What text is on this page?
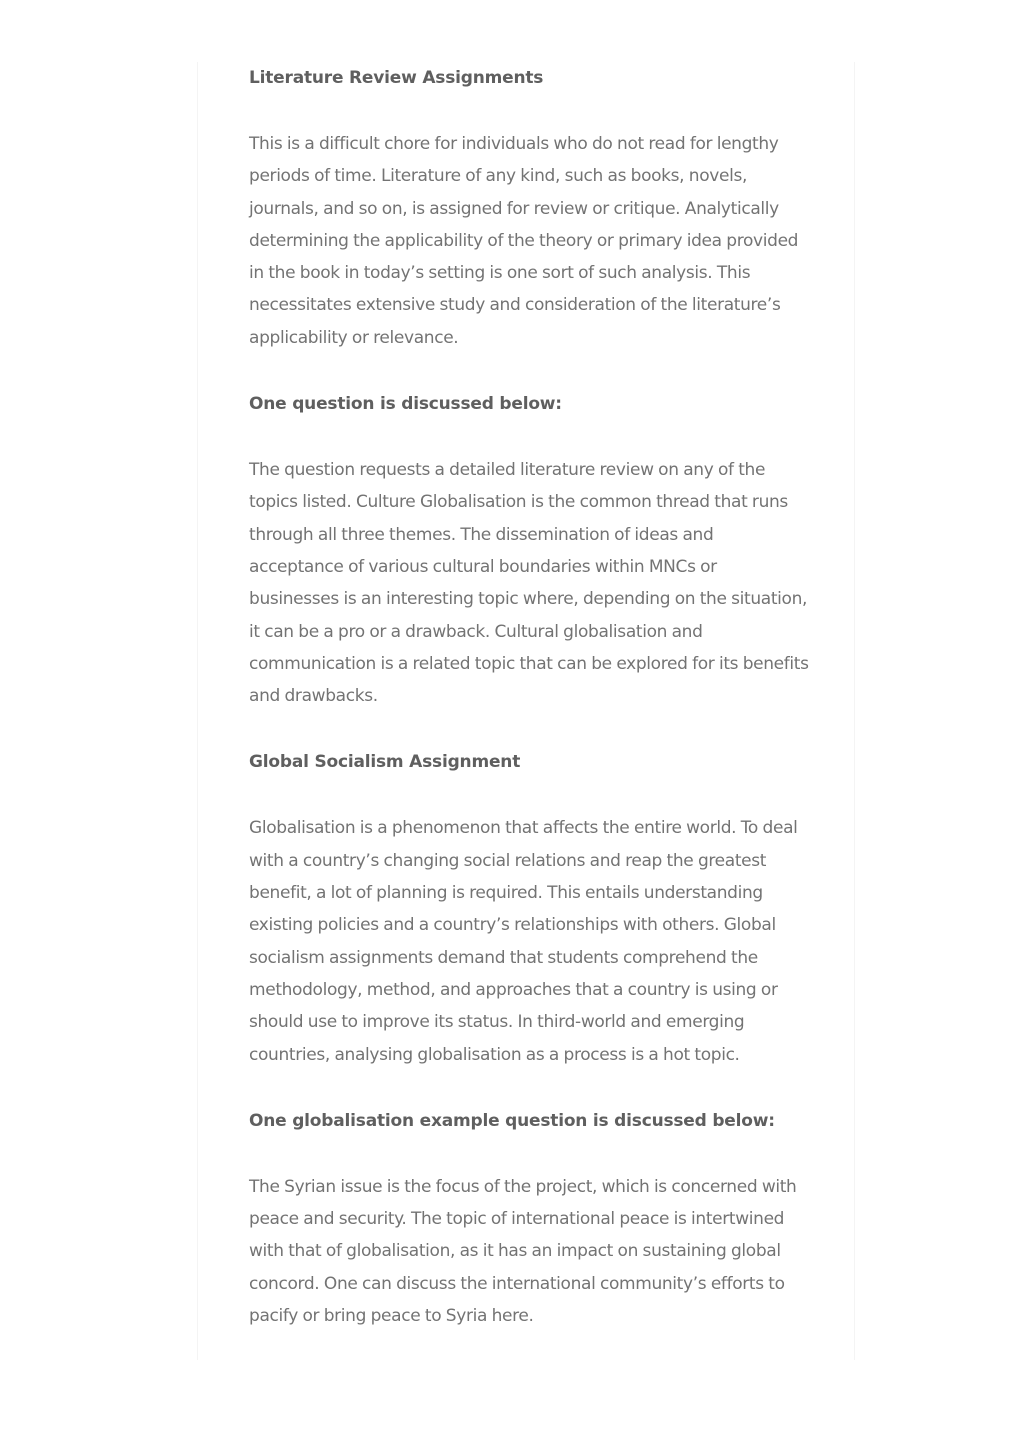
Literature Review Assignments

This is a difficult chore for individuals who do not read for lengthy periods of time. Literature of any kind, such as books, novels, journals, and so on, is assigned for review or critique. Analytically determining the applicability of the theory or primary idea provided in the book in today’s setting is one sort of such analysis. This necessitates extensive study and consideration of the literature’s applicability or relevance.

One question is discussed below:

The question requests a detailed literature review on any of the topics listed. Culture Globalisation is the common thread that runs through all three themes. The dissemination of ideas and acceptance of various cultural boundaries within MNCs or businesses is an interesting topic where, depending on the situation, it can be a pro or a drawback. Cultural globalisation and communication is a related topic that can be explored for its benefits and drawbacks.

Global Socialism Assignment

Globalisation is a phenomenon that affects the entire world. To deal with a country’s changing social relations and reap the greatest benefit, a lot of planning is required. This entails understanding existing policies and a country’s relationships with others. Global socialism assignments demand that students comprehend the methodology, method, and approaches that a country is using or should use to improve its status. In third-world and emerging countries, analysing globalisation as a process is a hot topic.

One globalisation example question is discussed below:

The Syrian issue is the focus of the project, which is concerned with peace and security. The topic of international peace is intertwined with that of globalisation, as it has an impact on sustaining global concord. One can discuss the international community’s efforts to pacify or bring peace to Syria here.
